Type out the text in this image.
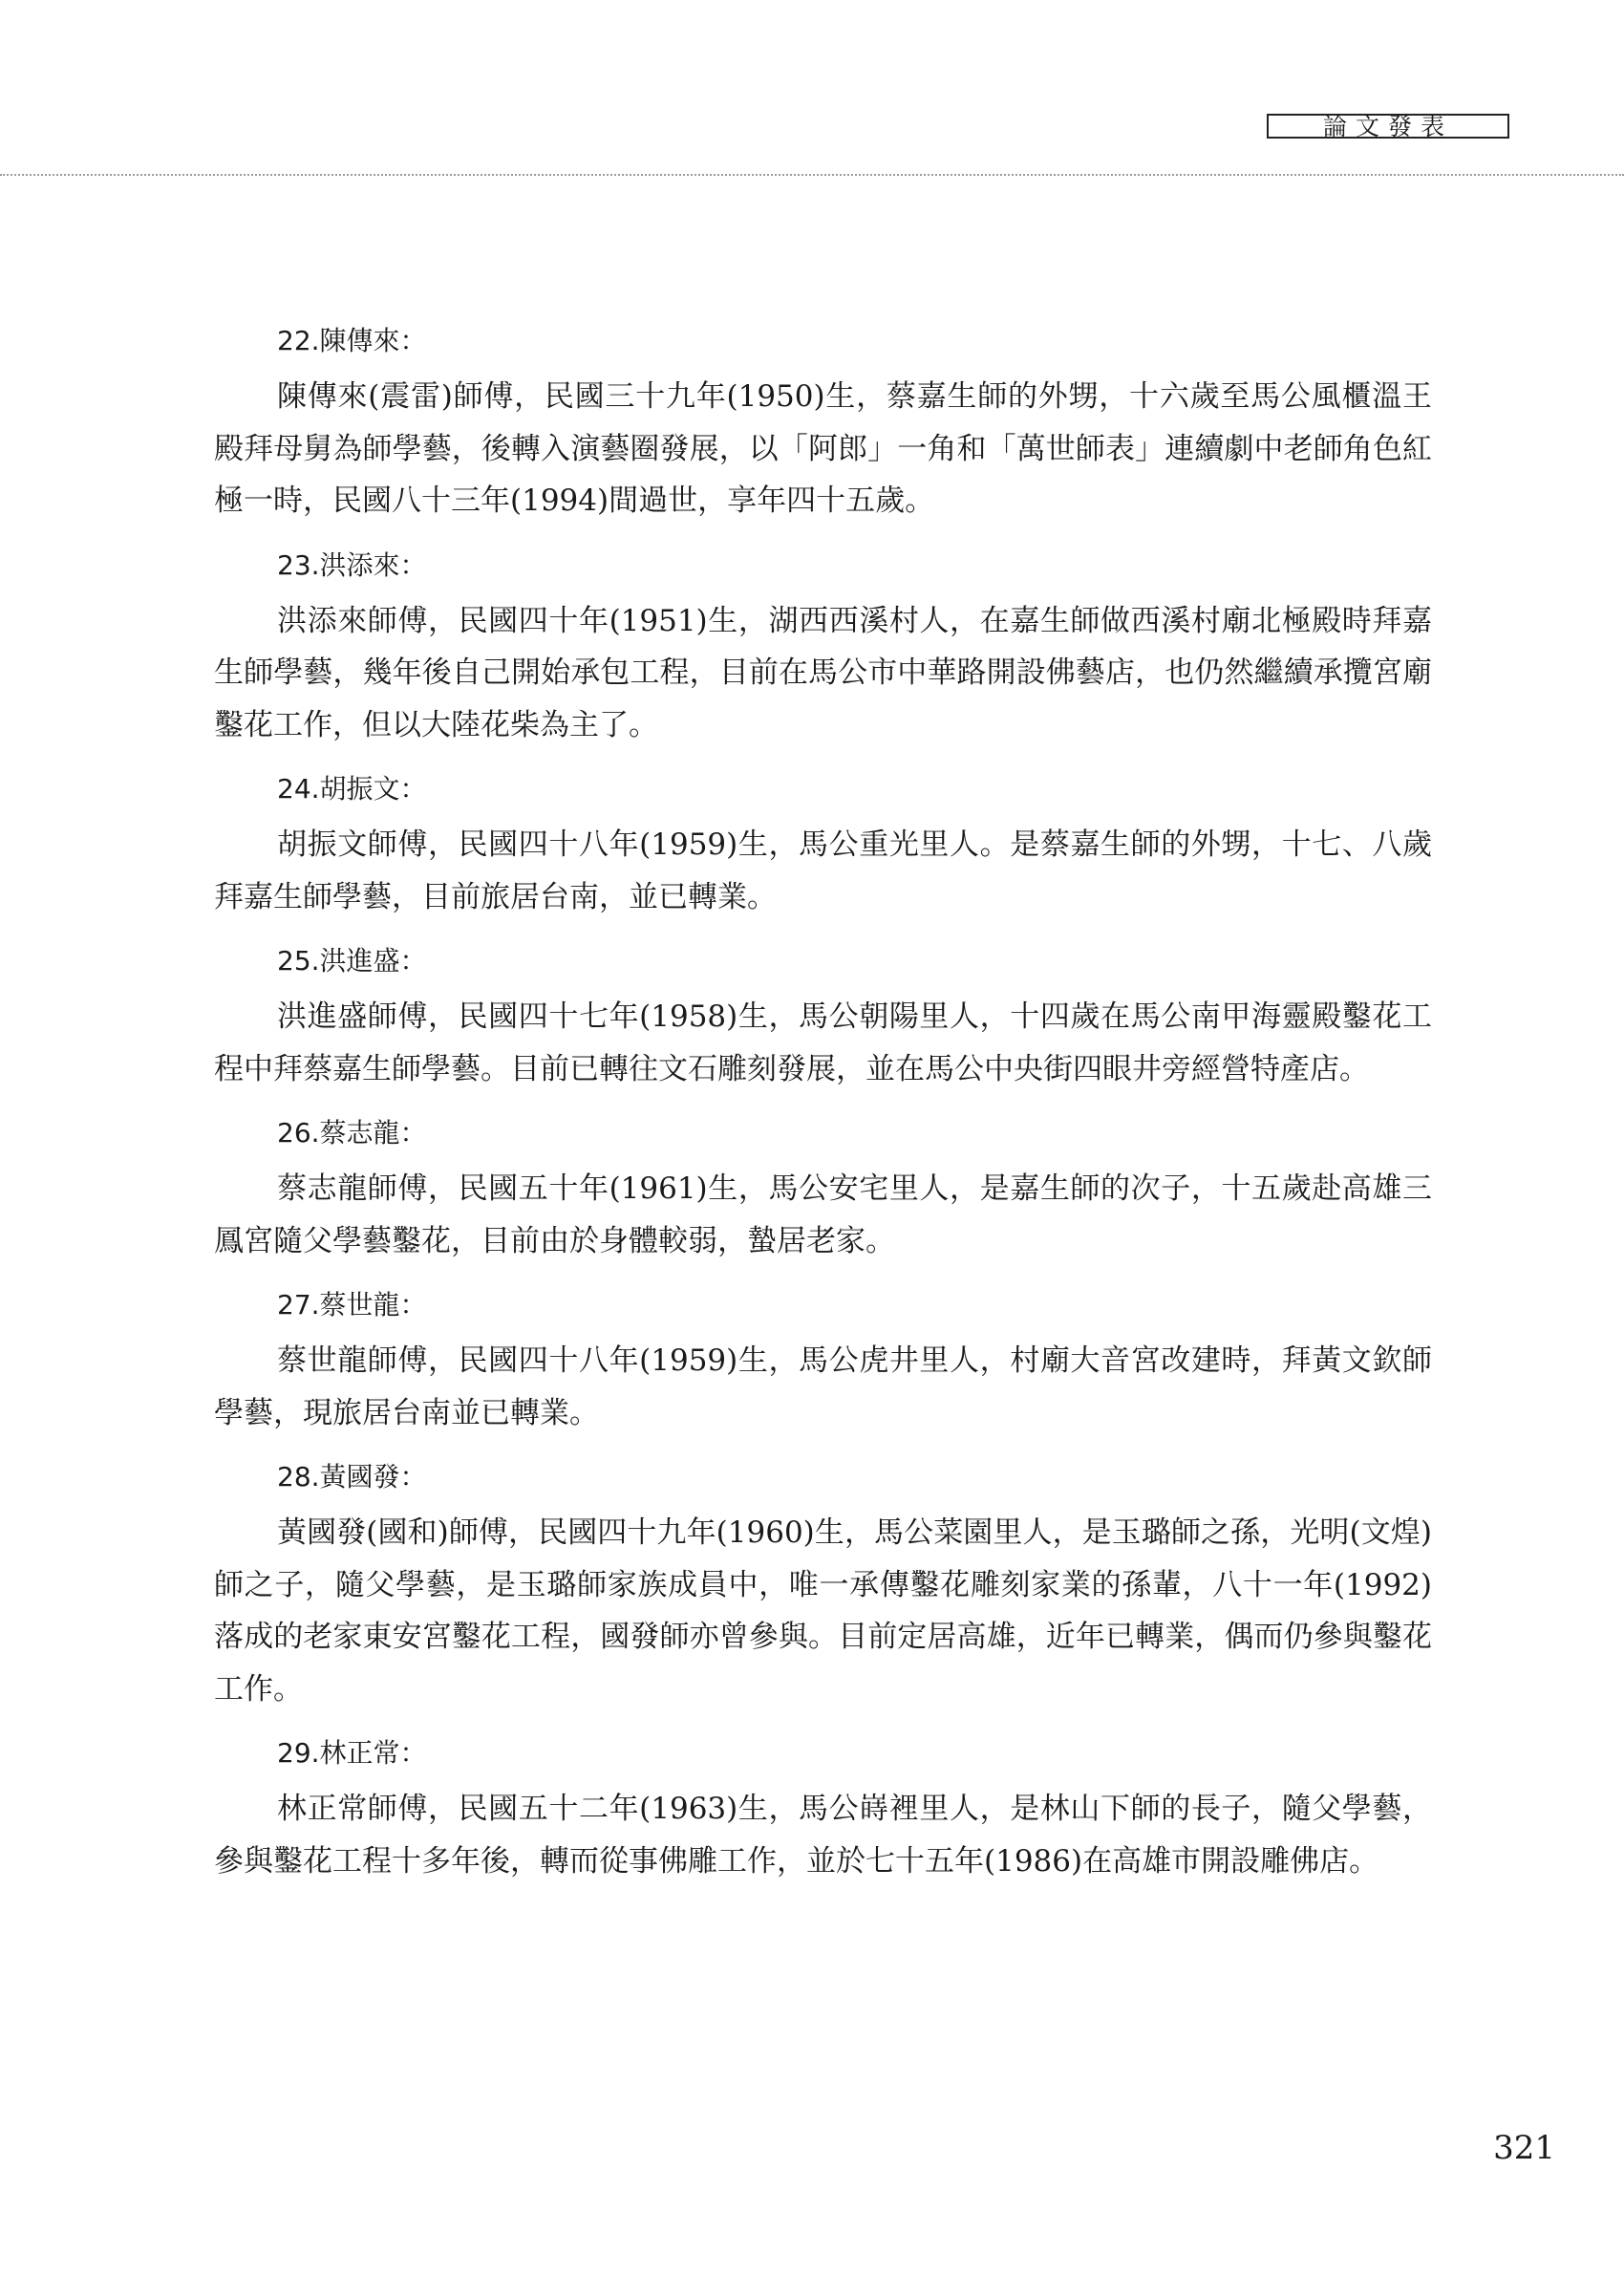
論文發表

22.陳傳來：

陳傳來(震雷)師傅，民國三十九年(1950)生，蔡嘉生師的外甥，十六歲至馬公風櫃溫王殿拜母舅為師學藝，後轉入演藝圈發展，以「阿郎」一角和「萬世師表」連續劇中老師角色紅極一時，民國八十三年(1994)間過世，享年四十五歲。

23.洪添來：

洪添來師傅，民國四十年(1951)生，湖西西溪村人，在嘉生師做西溪村廟北極殿時拜嘉生師學藝，幾年後自己開始承包工程，目前在馬公市中華路開設佛藝店，也仍然繼續承攬宮廟鑿花工作，但以大陸花柴為主了。

24.胡振文：

胡振文師傅，民國四十八年(1959)生，馬公重光里人。是蔡嘉生師的外甥，十七、八歲拜嘉生師學藝，目前旅居台南，並已轉業。

25.洪進盛：

洪進盛師傅，民國四十七年(1958)生，馬公朝陽里人，十四歲在馬公南甲海靈殿鑿花工程中拜蔡嘉生師學藝。目前已轉往文石雕刻發展，並在馬公中央街四眼井旁經營特產店。

26.蔡志龍：

蔡志龍師傅，民國五十年(1961)生，馬公安宅里人，是嘉生師的次子，十五歲赴高雄三鳳宮隨父學藝鑿花，目前由於身體較弱，蟄居老家。

27.蔡世龍：

蔡世龍師傅，民國四十八年(1959)生，馬公虎井里人，村廟大音宮改建時，拜黃文欽師學藝，現旅居台南並已轉業。

28.黃國發：

黃國發(國和)師傅，民國四十九年(1960)生，馬公菜園里人，是玉璐師之孫，光明(文煌)師之子，隨父學藝，是玉璐師家族成員中，唯一承傳鑿花雕刻家業的孫輩，八十一年(1992)落成的老家東安宮鑿花工程，國發師亦曾參與。目前定居高雄，近年已轉業，偶而仍參與鑿花工作。

29.林正常：

林正常師傅，民國五十二年(1963)生，馬公嵵裡里人，是林山下師的長子，隨父學藝，參與鑿花工程十多年後，轉而從事佛雕工作，並於七十五年(1986)在高雄市開設雕佛店。

321
